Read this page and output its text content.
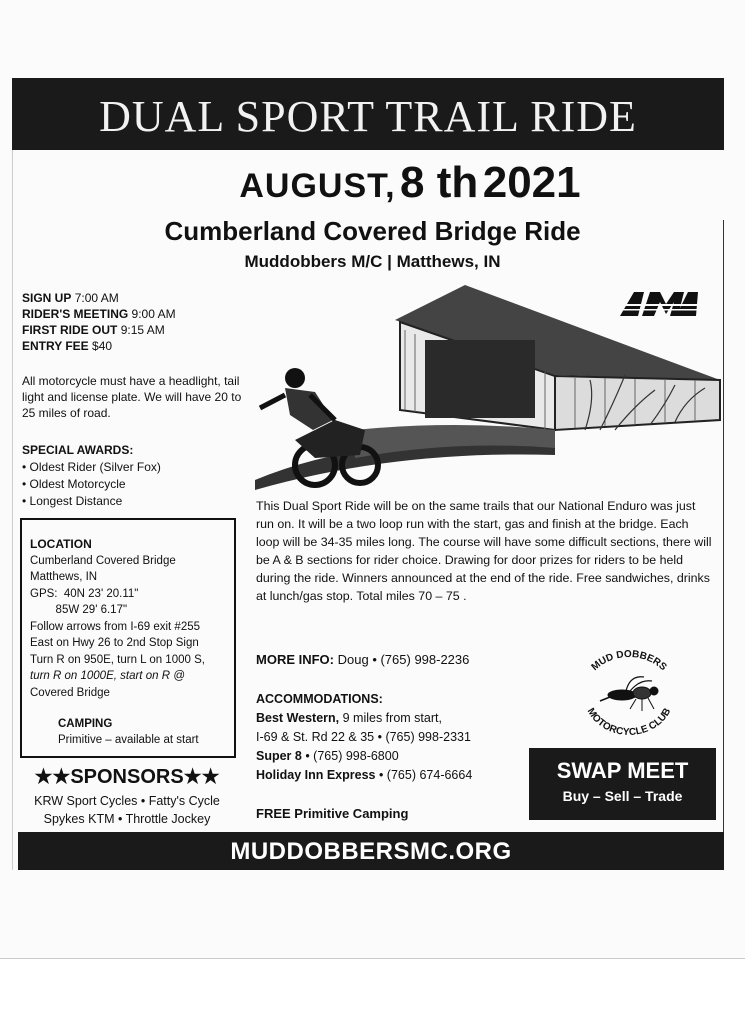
DUAL SPORT TRAIL RIDE
AUGUST, 8 th 2021
Cumberland Covered Bridge Ride
Muddobbers M/C | Matthews, IN
SIGN UP 7:00 AM
RIDER'S MEETING 9:00 AM
FIRST RIDE OUT 9:15 AM
ENTRY FEE $40
All motorcycle must have a headlight, tail light and license plate. We will have 20 to 25 miles of road.
SPECIAL AWARDS:
• Oldest Rider (Silver Fox)
• Oldest Motorcycle
• Longest Distance
LOCATION
Cumberland Covered Bridge
Matthews, IN
GPS:  40N 23' 20.11"
85W 29' 6.17"
Follow arrows from I-69 exit #255
East on Hwy 26 to 2nd Stop Sign
Turn R on 950E, turn L on 1000 S,
turn R on 1000E, start on R @
Covered Bridge
CAMPING
Primitive – available at start
This Dual Sport Ride will be on the same trails that our National Enduro was just run on. It will be a two loop run with the start, gas and finish at the bridge. Each loop will be 34-35 miles long. The course will have some difficult sections, there will be A & B sections for rider choice. Drawing for door prizes for riders to be held during the ride. Winners announced at the end of the ride. Free sandwiches, drinks at lunch/gas stop. Total miles 70 – 75 .
MORE INFO: Doug • (765) 998-2236
ACCOMMODATIONS:
Best Western, 9 miles from start,
I-69 & St. Rd 22 & 35 • (765) 998-2331
Super 8 • (765) 998-6800
Holiday Inn Express • (765) 674-6664
FREE Primitive Camping
MUD DOBBERS
MOTORCYCLE CLUB
SWAP MEET
Buy – Sell – Trade
★★SPONSORS★★
KRW Sport Cycles • Fatty's Cycle
Spykes KTM • Throttle Jockey
MUDDOBBERSMC.ORG
